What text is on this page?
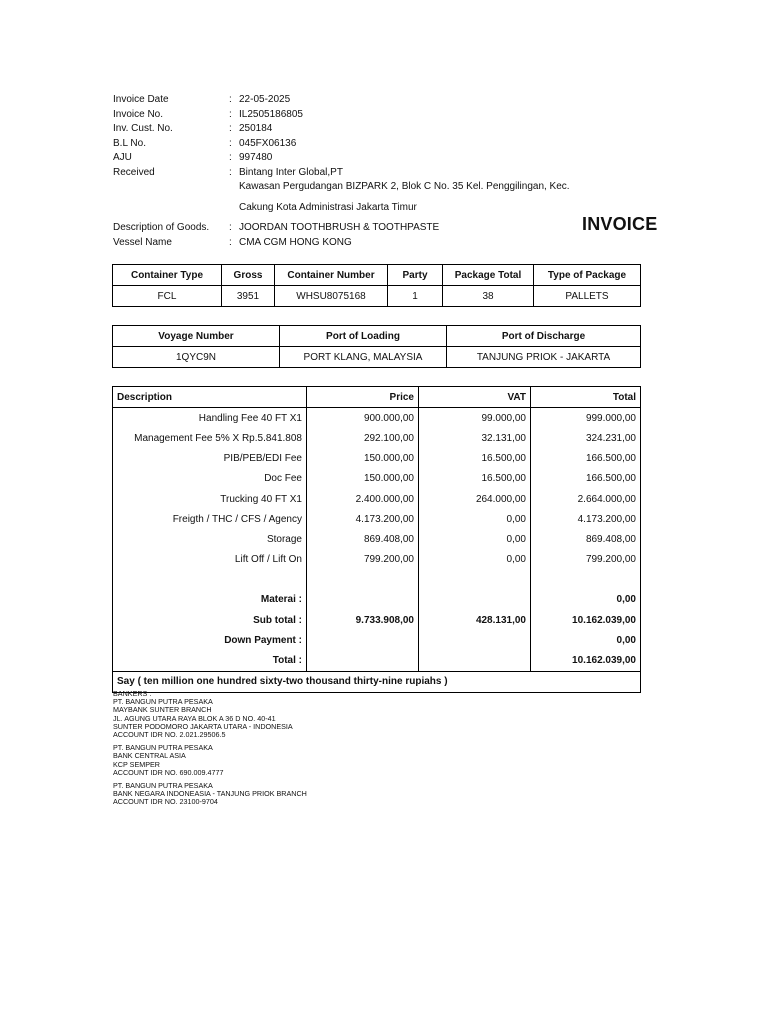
Invoice Date	: 22-05-2025
Invoice No.	: IL2505186805
Inv. Cust. No.	: 250184
B.L No.	: 045FX06136
AJU	: 997480
Received	: Bintang Inter Global,PT
Kawasan Pergudangan BIZPARK 2, Blok C No. 35 Kel. Penggilingan, Kec.
Cakung Kota Administrasi Jakarta Timur
Description of Goods.	: JOORDAN TOOTHBRUSH & TOOTHPASTE
Vessel Name	: CMA CGM HONG KONG
INVOICE
Container Type	Gross	Container Number	Party	Package Total	Type of Package
FCL	3951	WHSU8075168	1	38	PALLETS
Voyage Number	Port of Loading	Port of Discharge
1QYC9N	PORT KLANG, MALAYSIA	TANJUNG PRIOK - JAKARTA
Description	Price	VAT	Total
Handling Fee 40 FT X1	900.000,00	99.000,00	999.000,00
Management Fee 5% X Rp.5.841.808	292.100,00	32.131,00	324.231,00
PIB/PEB/EDI Fee	150.000,00	16.500,00	166.500,00
Doc Fee	150.000,00	16.500,00	166.500,00
Trucking 40 FT X1	2.400.000,00	264.000,00	2.664.000,00
Freigth / THC / CFS / Agency	4.173.200,00	0,00	4.173.200,00
Storage	869.408,00	0,00	869.408,00
Lift Off / Lift On	799.200,00	0,00	799.200,00

Materai :			0,00
Sub total :	9.733.908,00	428.131,00	10.162.039,00
Down Payment :			0,00
Total :			10.162.039,00
Say ( ten million one hundred sixty-two thousand thirty-nine rupiahs )			
BANKERS :
PT. BANGUN PUTRA PESAKA
MAYBANK SUNTER BRANCH
JL. AGUNG UTARA RAYA BLOK A 36 D NO. 40-41
SUNTER PODOMORO JAKARTA UTARA - INDONESIA
ACCOUNT IDR NO. 2.021.29506.5
PT. BANGUN PUTRA PESAKA
BANK CENTRAL ASIA
KCP SEMPER
ACCOUNT IDR NO. 690.009.4777
PT. BANGUN PUTRA PESAKA
BANK NEGARA INDONEASIA - TANJUNG PRIOK BRANCH
ACCOUNT IDR NO. 23100-9704
